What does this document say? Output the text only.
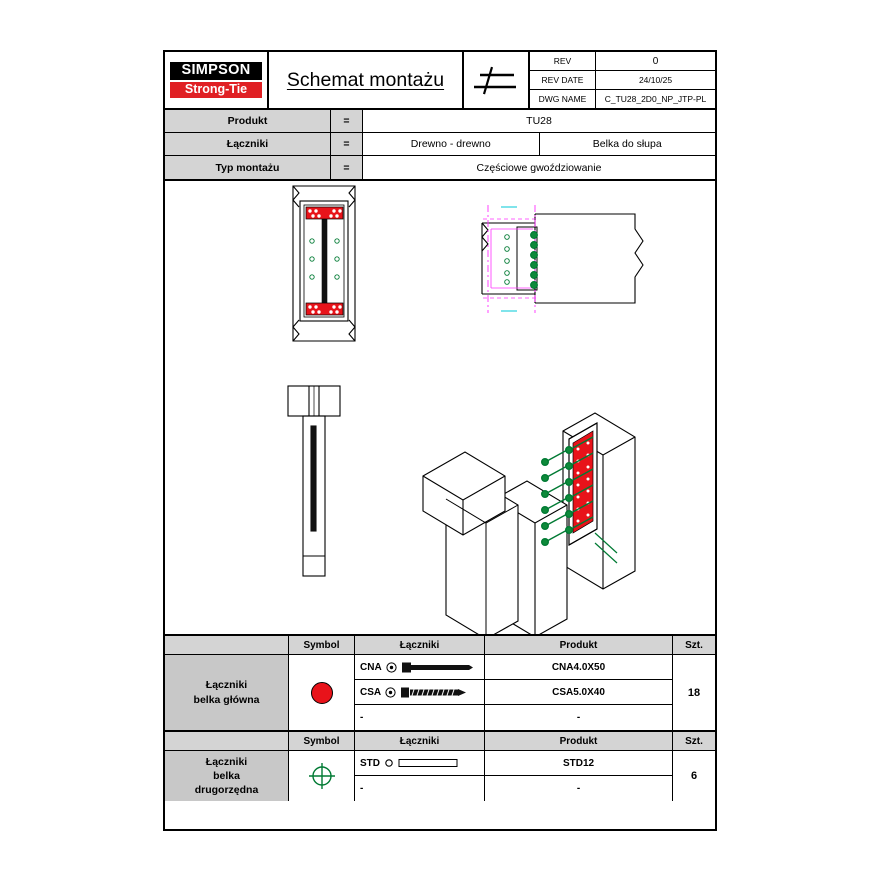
SIMPSON
Strong-Tie	Schemat montażu
REV	0
REV DATE	24/10/25
DWG NAME	C_TU28_2D0_NP_JTP-PL
Produkt	=	TU28
Łączniki	=	Drewno - drewno	Belka do słupa
Typ montażu	=	Częściowe gwoździowanie
Symbol	Łączniki	Produkt	Szt.
Łączniki
belka główna
CNA	CNA4.0X50
CSA	CSA5.0X40
-	-
18
Symbol	Łączniki	Produkt	Szt.
Łączniki
belka
drugorzędna
STD	STD12
-	-
6
